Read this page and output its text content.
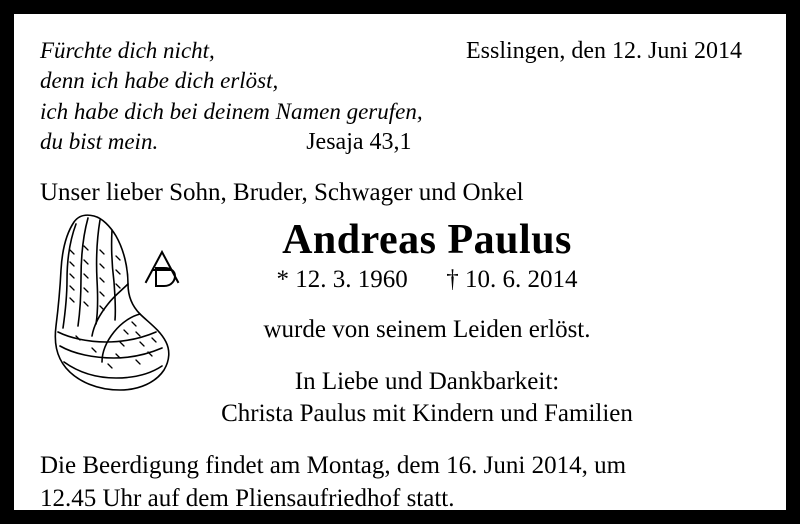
Fürchte dich nicht,
denn ich habe dich erlöst,
ich habe dich bei deinem Namen gerufen,
Esslingen, den 12. Juni 2014
du bist mein.	Jesaja 43,1
Unser lieber Sohn, Bruder, Schwager und Onkel
Andreas Paulus
* 12. 3. 1960 † 10. 6. 2014
wurde von seinem Leiden erlöst.
In Liebe und Dankbarkeit:
Christa Paulus mit Kindern und Familien
Die Beerdigung findet am Montag, dem 16. Juni 2014, um
12.45 Uhr auf dem Pliensaufriedhof statt.
